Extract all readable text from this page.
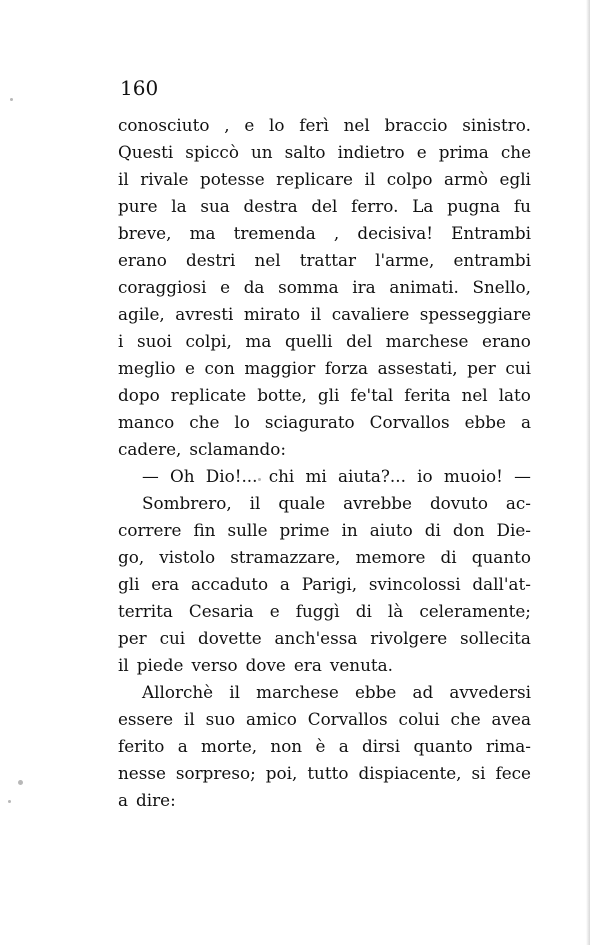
160
conosciuto , e lo ferì nel braccio sinistro.
Questi spiccò un salto indietro e prima che
il rivale potesse replicare il colpo armò egli
pure la sua destra del ferro. La pugna fu
breve, ma tremenda , decisiva! Entrambi
erano destri nel trattar l'arme, entrambi
coraggiosi e da somma ira animati. Snello,
agile, avresti mirato il cavaliere spesseggiare
i suoi colpi, ma quelli del marchese erano
meglio e con maggior forza assestati, per cui
dopo replicate botte, gli fe'tal ferita nel lato
manco che lo sciagurato Corvallos ebbe a
cadere, sclamando:
— Oh Dio!... chi mi aiuta?... io muoio! —
Sombrero, il quale avrebbe dovuto ac-
correre fin sulle prime in aiuto di don Die-
go, vistolo stramazzare, memore di quanto
gli era accaduto a Parigi, svincolossi dall'at-
territa Cesaria e fuggì di là celeramente;
per cui dovette anch'essa rivolgere sollecita
il piede verso dove era venuta.
Allorchè il marchese ebbe ad avvedersi
essere il suo amico Corvallos colui che avea
ferito a morte, non è a dirsi quanto rima-
nesse sorpreso; poi, tutto dispiacente, si fece
a dire:
